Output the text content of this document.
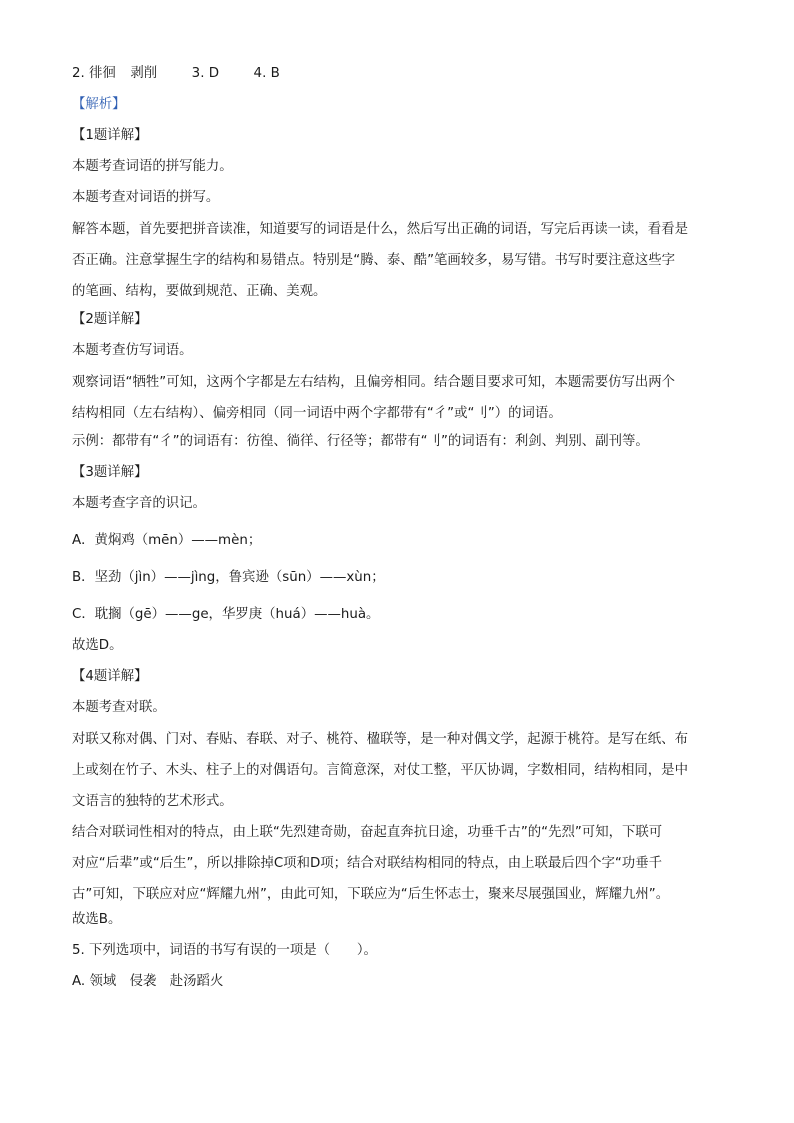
2. 徘徊 剥削	3. D	4. B
【解析】
【1题详解】
本题考查词语的拼写能力。
本题考查对词语的拼写。
解答本题，首先要把拼音读准，知道要写的词语是什么，然后写出正确的词语，写完后再读一读，看看是
否正确。注意掌握生字的结构和易错点。特别是“腾、泰、酷”笔画较多，易写错。书写时要注意这些字
的笔画、结构，要做到规范、正确、美观。
【2题详解】
本题考查仿写词语。
观察词语“牺牲”可知，这两个字都是左右结构，且偏旁相同。结合题目要求可知，本题需要仿写出两个
结构相同（左右结构）、偏旁相同（同一词语中两个字都带有“彳”或“刂”）的词语。
示例：都带有“彳”的词语有：彷徨、徜徉、行径等；都带有“刂”的词语有：利剑、判别、副刊等。
【3题详解】
本题考查字音的识记。
A．黄焖鸡（mēn）——mèn；
B．坚劲（jìn）——jìng，鲁宾逊（sūn）——xùn；
C．耽搁（gē）——ge，华罗庚（huá）——huà。
故选D。
【4题详解】
本题考查对联。
对联又称对偶、门对、春贴、春联、对子、桃符、楹联等，是一种对偶文学，起源于桃符。是写在纸、布
上或刻在竹子、木头、柱子上的对偶语句。言简意深，对仗工整，平仄协调，字数相同，结构相同，是中
文语言的独特的艺术形式。
结合对联词性相对的特点，由上联“先烈建奇勋，奋起直奔抗日途，功垂千古”的“先烈”可知，下联可
对应“后辈”或“后生”，所以排除掉C项和D项；结合对联结构相同的特点，由上联最后四个字“功垂千
古”可知，下联应对应“辉耀九州”，由此可知，下联应为“后生怀志士，聚来尽展强国业，辉耀九州”。
故选B。
5. 下列选项中，词语的书写有误的一项是（　　）。
A. 领域　侵袭　赴汤蹈火
